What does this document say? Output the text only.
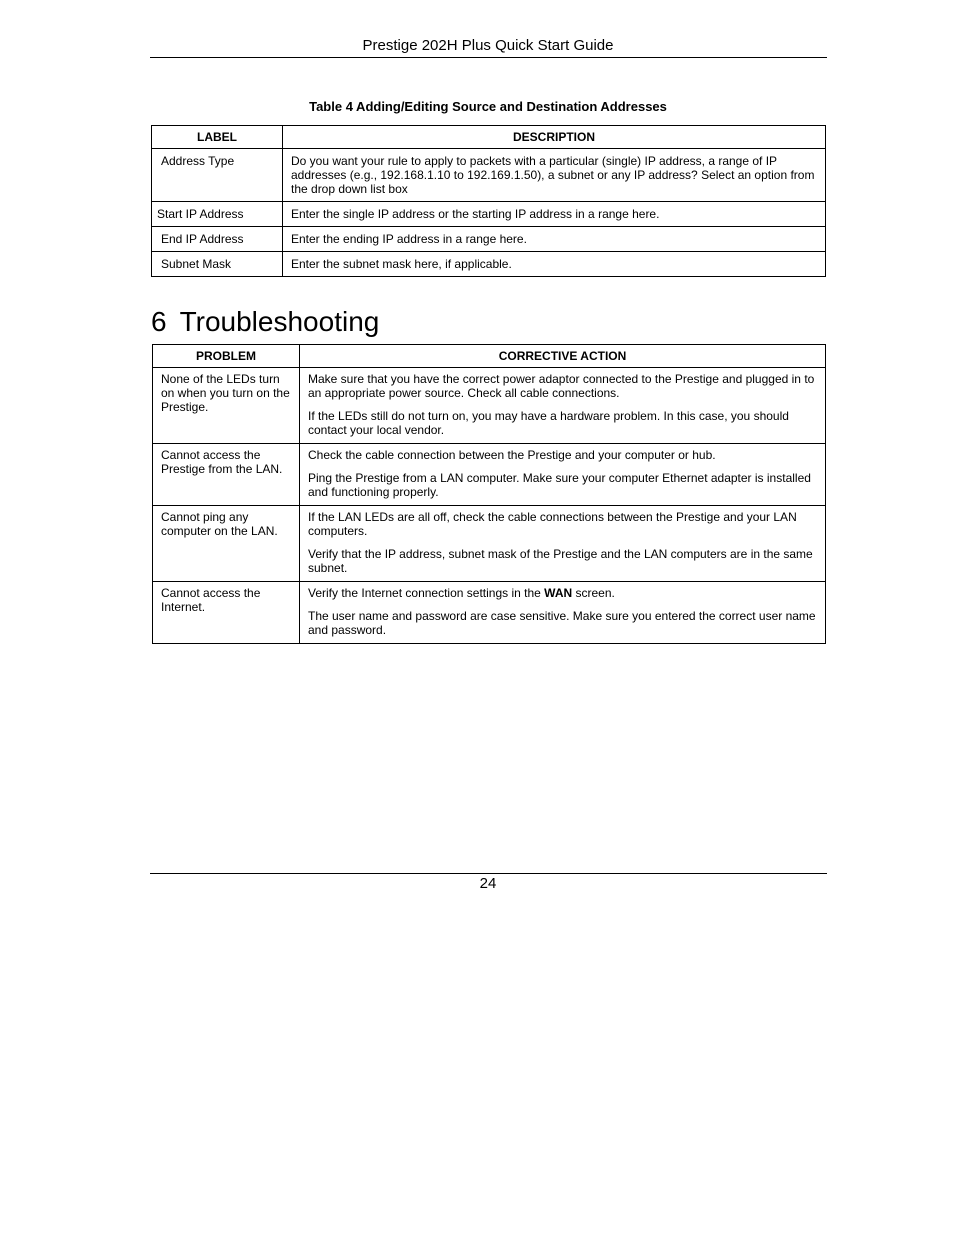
Prestige 202H Plus Quick Start Guide
Table 4 Adding/Editing Source and Destination Addresses
LABEL	DESCRIPTION
Address Type	Do you want your rule to apply to packets with a particular (single) IP address, a range of IP addresses (e.g., 192.168.1.10 to 192.169.1.50), a subnet or any IP address? Select an option from the drop down list box
Start IP Address	Enter the single IP address or the starting IP address in a range here.
End IP Address	Enter the ending IP address in a range here.
Subnet Mask	Enter the subnet mask here, if applicable.
6 Troubleshooting
PROBLEM	CORRECTIVE ACTION
None of the LEDs turn on when you turn on the Prestige.	Make sure that you have the correct power adaptor connected to the Prestige and plugged in to an appropriate power source. Check all cable connections.

If the LEDs still do not turn on, you may have a hardware problem. In this case, you should contact your local vendor.

Cannot access the Prestige from the LAN.	Check the cable connection between the Prestige and your computer or hub.

Ping the Prestige from a LAN computer. Make sure your computer Ethernet adapter is installed and functioning properly.

Cannot ping any computer on the LAN.	If the LAN LEDs are all off, check the cable connections between the Prestige and your LAN computers.

Verify that the IP address, subnet mask of the Prestige and the LAN computers are in the same subnet.

Cannot access the Internet.	Verify the Internet connection settings in the WAN screen.

The user name and password are case sensitive. Make sure you entered the correct user name and password.

24
